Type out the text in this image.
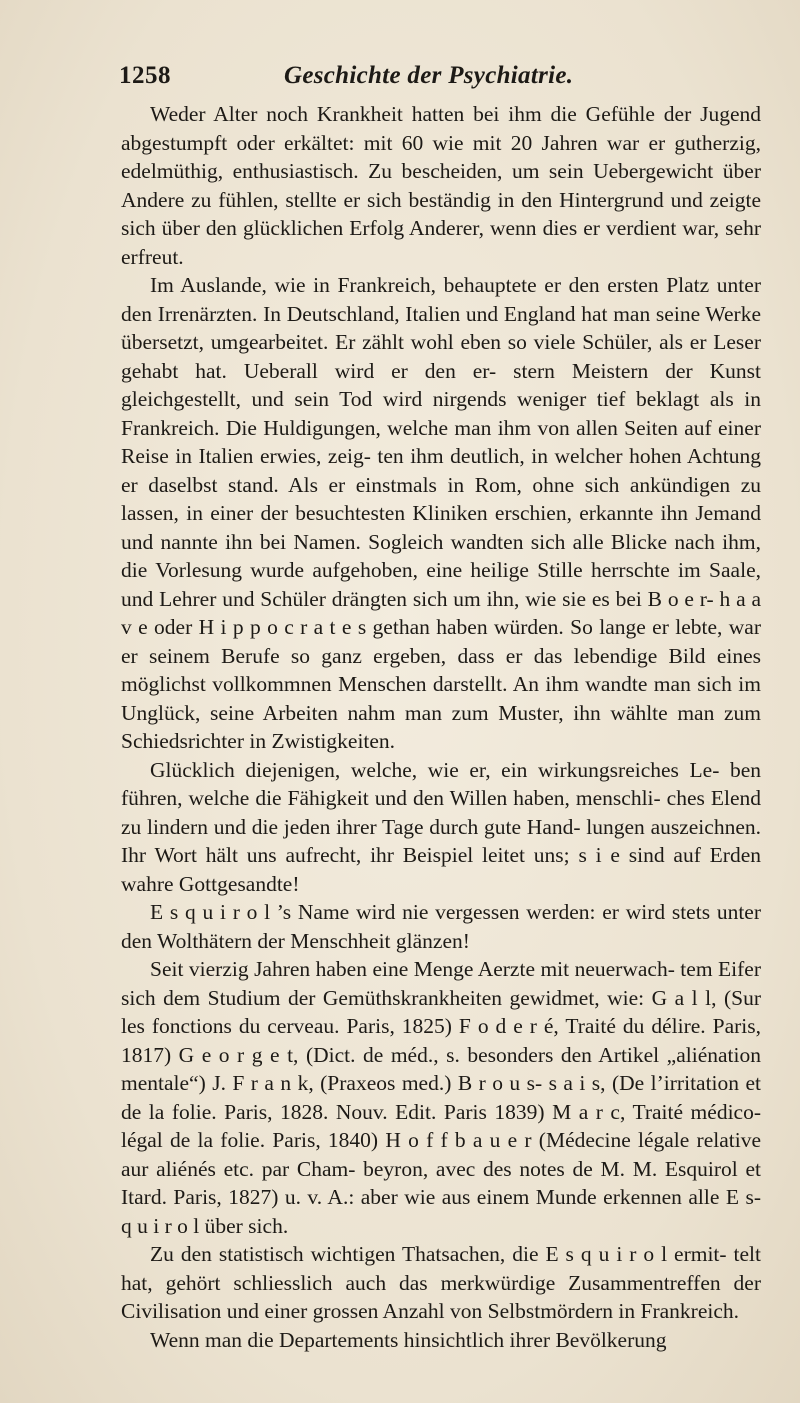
1258	Geschichte der Psychiatrie.

Weder Alter noch Krankheit hatten bei ihm die Gefühle der Jugend abgestumpft oder erkältet: mit 60 wie mit 20 Jahren war er gutherzig, edelmüthig, enthusiastisch. Zu bescheiden, um sein Uebergewicht über Andere zu fühlen, stellte er sich beständig in den Hintergrund und zeigte sich über den glücklichen Erfolg Anderer, wenn dies er verdient war, sehr erfreut.

Im Auslande, wie in Frankreich, behauptete er den ersten Platz unter den Irrenärzten. In Deutschland, Italien und England hat man seine Werke übersetzt, umgearbeitet. Er zählt wohl eben so viele Schüler, als er Leser gehabt hat. Ueberall wird er den er- stern Meistern der Kunst gleichgestellt, und sein Tod wird nirgends weniger tief beklagt als in Frankreich. Die Huldigungen, welche man ihm von allen Seiten auf einer Reise in Italien erwies, zeig- ten ihm deutlich, in welcher hohen Achtung er daselbst stand. Als er einstmals in Rom, ohne sich ankündigen zu lassen, in einer der besuchtesten Kliniken erschien, erkannte ihn Jemand und nannte ihn bei Namen. Sogleich wandten sich alle Blicke nach ihm, die Vorlesung wurde aufgehoben, eine heilige Stille herrschte im Saale, und Lehrer und Schüler drängten sich um ihn, wie sie es bei B o e r- h a a v e oder H i p p o c r a t e s gethan haben würden. So lange er lebte, war er seinem Berufe so ganz ergeben, dass er das lebendige Bild eines möglichst vollkommnen Menschen darstellt. An ihm wandte man sich im Unglück, seine Arbeiten nahm man zum Muster, ihn wählte man zum Schiedsrichter in Zwistigkeiten.

Glücklich diejenigen, welche, wie er, ein wirkungsreiches Le- ben führen, welche die Fähigkeit und den Willen haben, menschli- ches Elend zu lindern und die jeden ihrer Tage durch gute Hand- lungen auszeichnen. Ihr Wort hält uns aufrecht, ihr Beispiel leitet uns; s i e sind auf Erden wahre Gottgesandte!

E s q u i r o l ’s Name wird nie vergessen werden: er wird stets unter den Wolthätern der Menschheit glänzen!

Seit vierzig Jahren haben eine Menge Aerzte mit neuerwach- tem Eifer sich dem Studium der Gemüthskrankheiten gewidmet, wie: G a l l, (Sur les fonctions du cerveau. Paris, 1825) F o d e r é, Traité du délire. Paris, 1817) G e o r g e t, (Dict. de méd., s. besonders den Artikel „aliénation mentale“) J. F r a n k, (Praxeos med.) B r o u s- s a i s, (De l’irritation et de la folie. Paris, 1828. Nouv. Edit. Paris 1839) M a r c, Traité médico- légal de la folie. Paris, 1840) H o f f b a u e r (Médecine légale relative aur aliénés etc. par Cham- beyron, avec des notes de M. M. Esquirol et Itard. Paris, 1827) u. v. A.: aber wie aus einem Munde erkennen alle E s- q u i r o l über sich.

Zu den statistisch wichtigen Thatsachen, die E s q u i r o l ermit- telt hat, gehört schliesslich auch das merkwürdige Zusammentreffen der Civilisation und einer grossen Anzahl von Selbstmördern in Frankreich.

Wenn man die Departements hinsichtlich ihrer Bevölkerung
